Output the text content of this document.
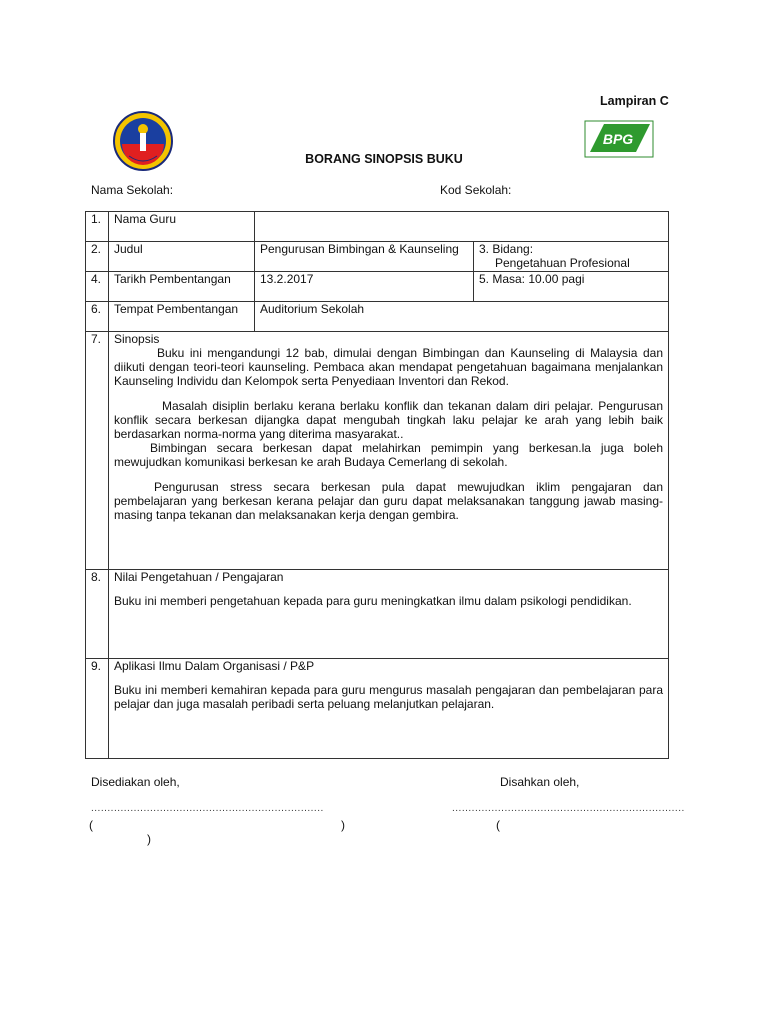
Lampiran C
BPG
BORANG SINOPSIS BUKU
Nama Sekolah:	Kod Sekolah:
1.	Nama Guru		
2.	Judul	Pengurusan Bimbingan & Kaunseling	3. Bidang:
Pengetahuan Profesional

4.	Tarikh Pembentangan	13.2.2017	5. Masa: 10.00 pagi
6.	Tempat Pembentangan	Auditorium Sekolah	
7.	Sinopsis

Buku ini mengandungi 12 bab, dimulai dengan Bimbingan dan Kaunseling di Malaysia dan diikuti dengan teori-teori kaunseling. Pembaca akan mendapat pengetahuan bagaimana menjalankan Kaunseling Individu dan Kelompok serta Penyediaan Inventori dan Rekod.

Masalah disiplin berlaku kerana berlaku konflik dan tekanan dalam diri pelajar. Pengurusan konflik secara berkesan dijangka dapat mengubah tingkah laku pelajar ke arah yang lebih baik berdasarkan norma-norma yang diterima masyarakat..

Bimbingan secara berkesan dapat melahirkan pemimpin yang berkesan.la juga boleh mewujudkan komunikasi berkesan ke arah Budaya Cemerlang di sekolah.

Pengurusan stress secara berkesan pula dapat mewujudkan iklim pengajaran dan pembelajaran yang berkesan kerana pelajar dan guru dapat melaksanakan tanggung jawab masing-masing tanpa tekanan dan melaksanakan kerja dengan gembira.		

8.	Nilai Pengetahuan / Pengajaran

Buku ini memberi pengetahuan kepada para guru meningkatkan ilmu dalam psikologi pendidikan.		

9.	Aplikasi Ilmu Dalam Organisasi / P&P

Buku ini memberi kemahiran kepada para guru mengurus masalah pengajaran dan pembelajaran para pelajar dan juga masalah peribadi serta peluang melanjutkan pelajaran.		

Disediakan oleh,	Disahkan oleh,
.......................................................................	.......................................................................
(	)	(
)
